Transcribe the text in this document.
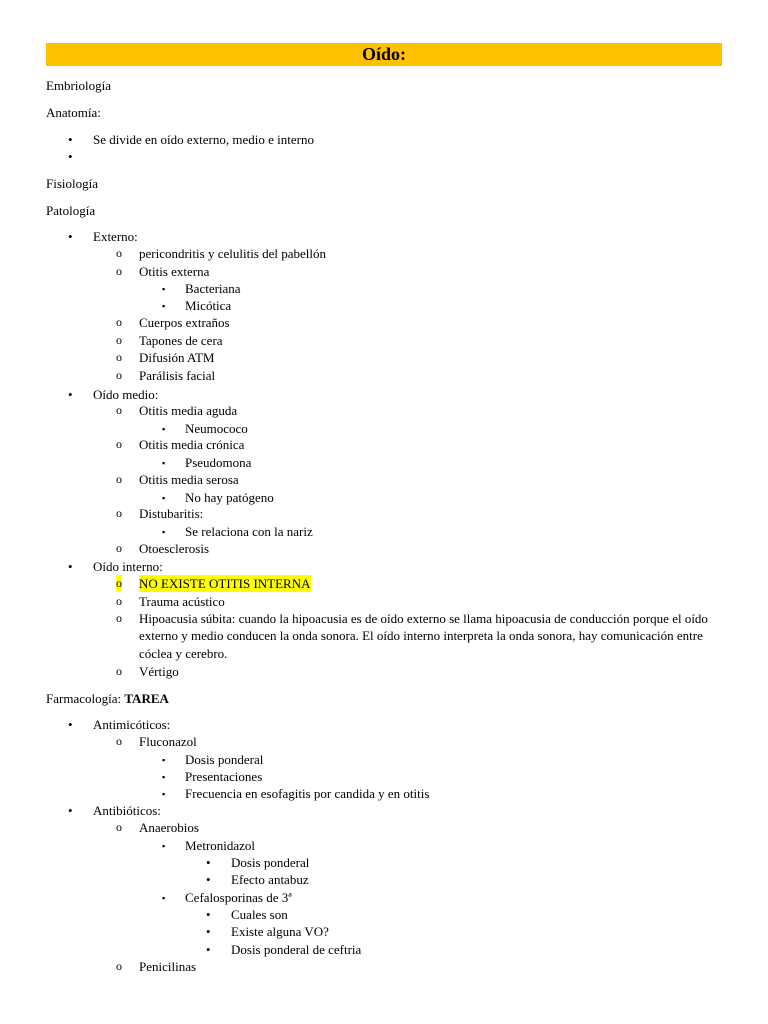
Oído:
Embriología
Anatomía:
• Se divide en oído externo, medio e interno
•
Fisiología
Patología
• Externo:
o pericondritis y celulitis del pabellón
o Otitis externa
▪ Bacteriana
▪ Micótica
o Cuerpos extraños
o Tapones de cera
o Difusión ATM
o Parálisis facial
• Oído medio:
o Otitis media aguda
▪ Neumococo
o Otitis media crónica
▪ Pseudomona
o Otitis media serosa
▪ No hay patógeno
o Distubaritis:
▪ Se relaciona con la nariz
o Otoesclerosis
• Oído interno:
o NO EXISTE OTITIS INTERNA
o Trauma acústico
o Hipoacusia súbita: cuando la hipoacusia es de oído externo se llama hipoacusia de conducción porque el oído externo y medio conducen la onda sonora. El oído interno interpreta la onda sonora, hay comunicación entre cóclea y cerebro.
o Vértigo
Farmacología: TAREA
• Antimicóticos:
o Fluconazol
▪ Dosis ponderal
▪ Presentaciones
▪ Frecuencia en esofagitis por candida y en otitis
• Antibióticos:
o Anaerobios
▪ Metronidazol
• Dosis ponderal
• Efecto antabuz
▪ Cefalosporinas de 3ª
• Cuales son
• Existe alguna VO?
• Dosis ponderal de ceftria
o Penicilinas
